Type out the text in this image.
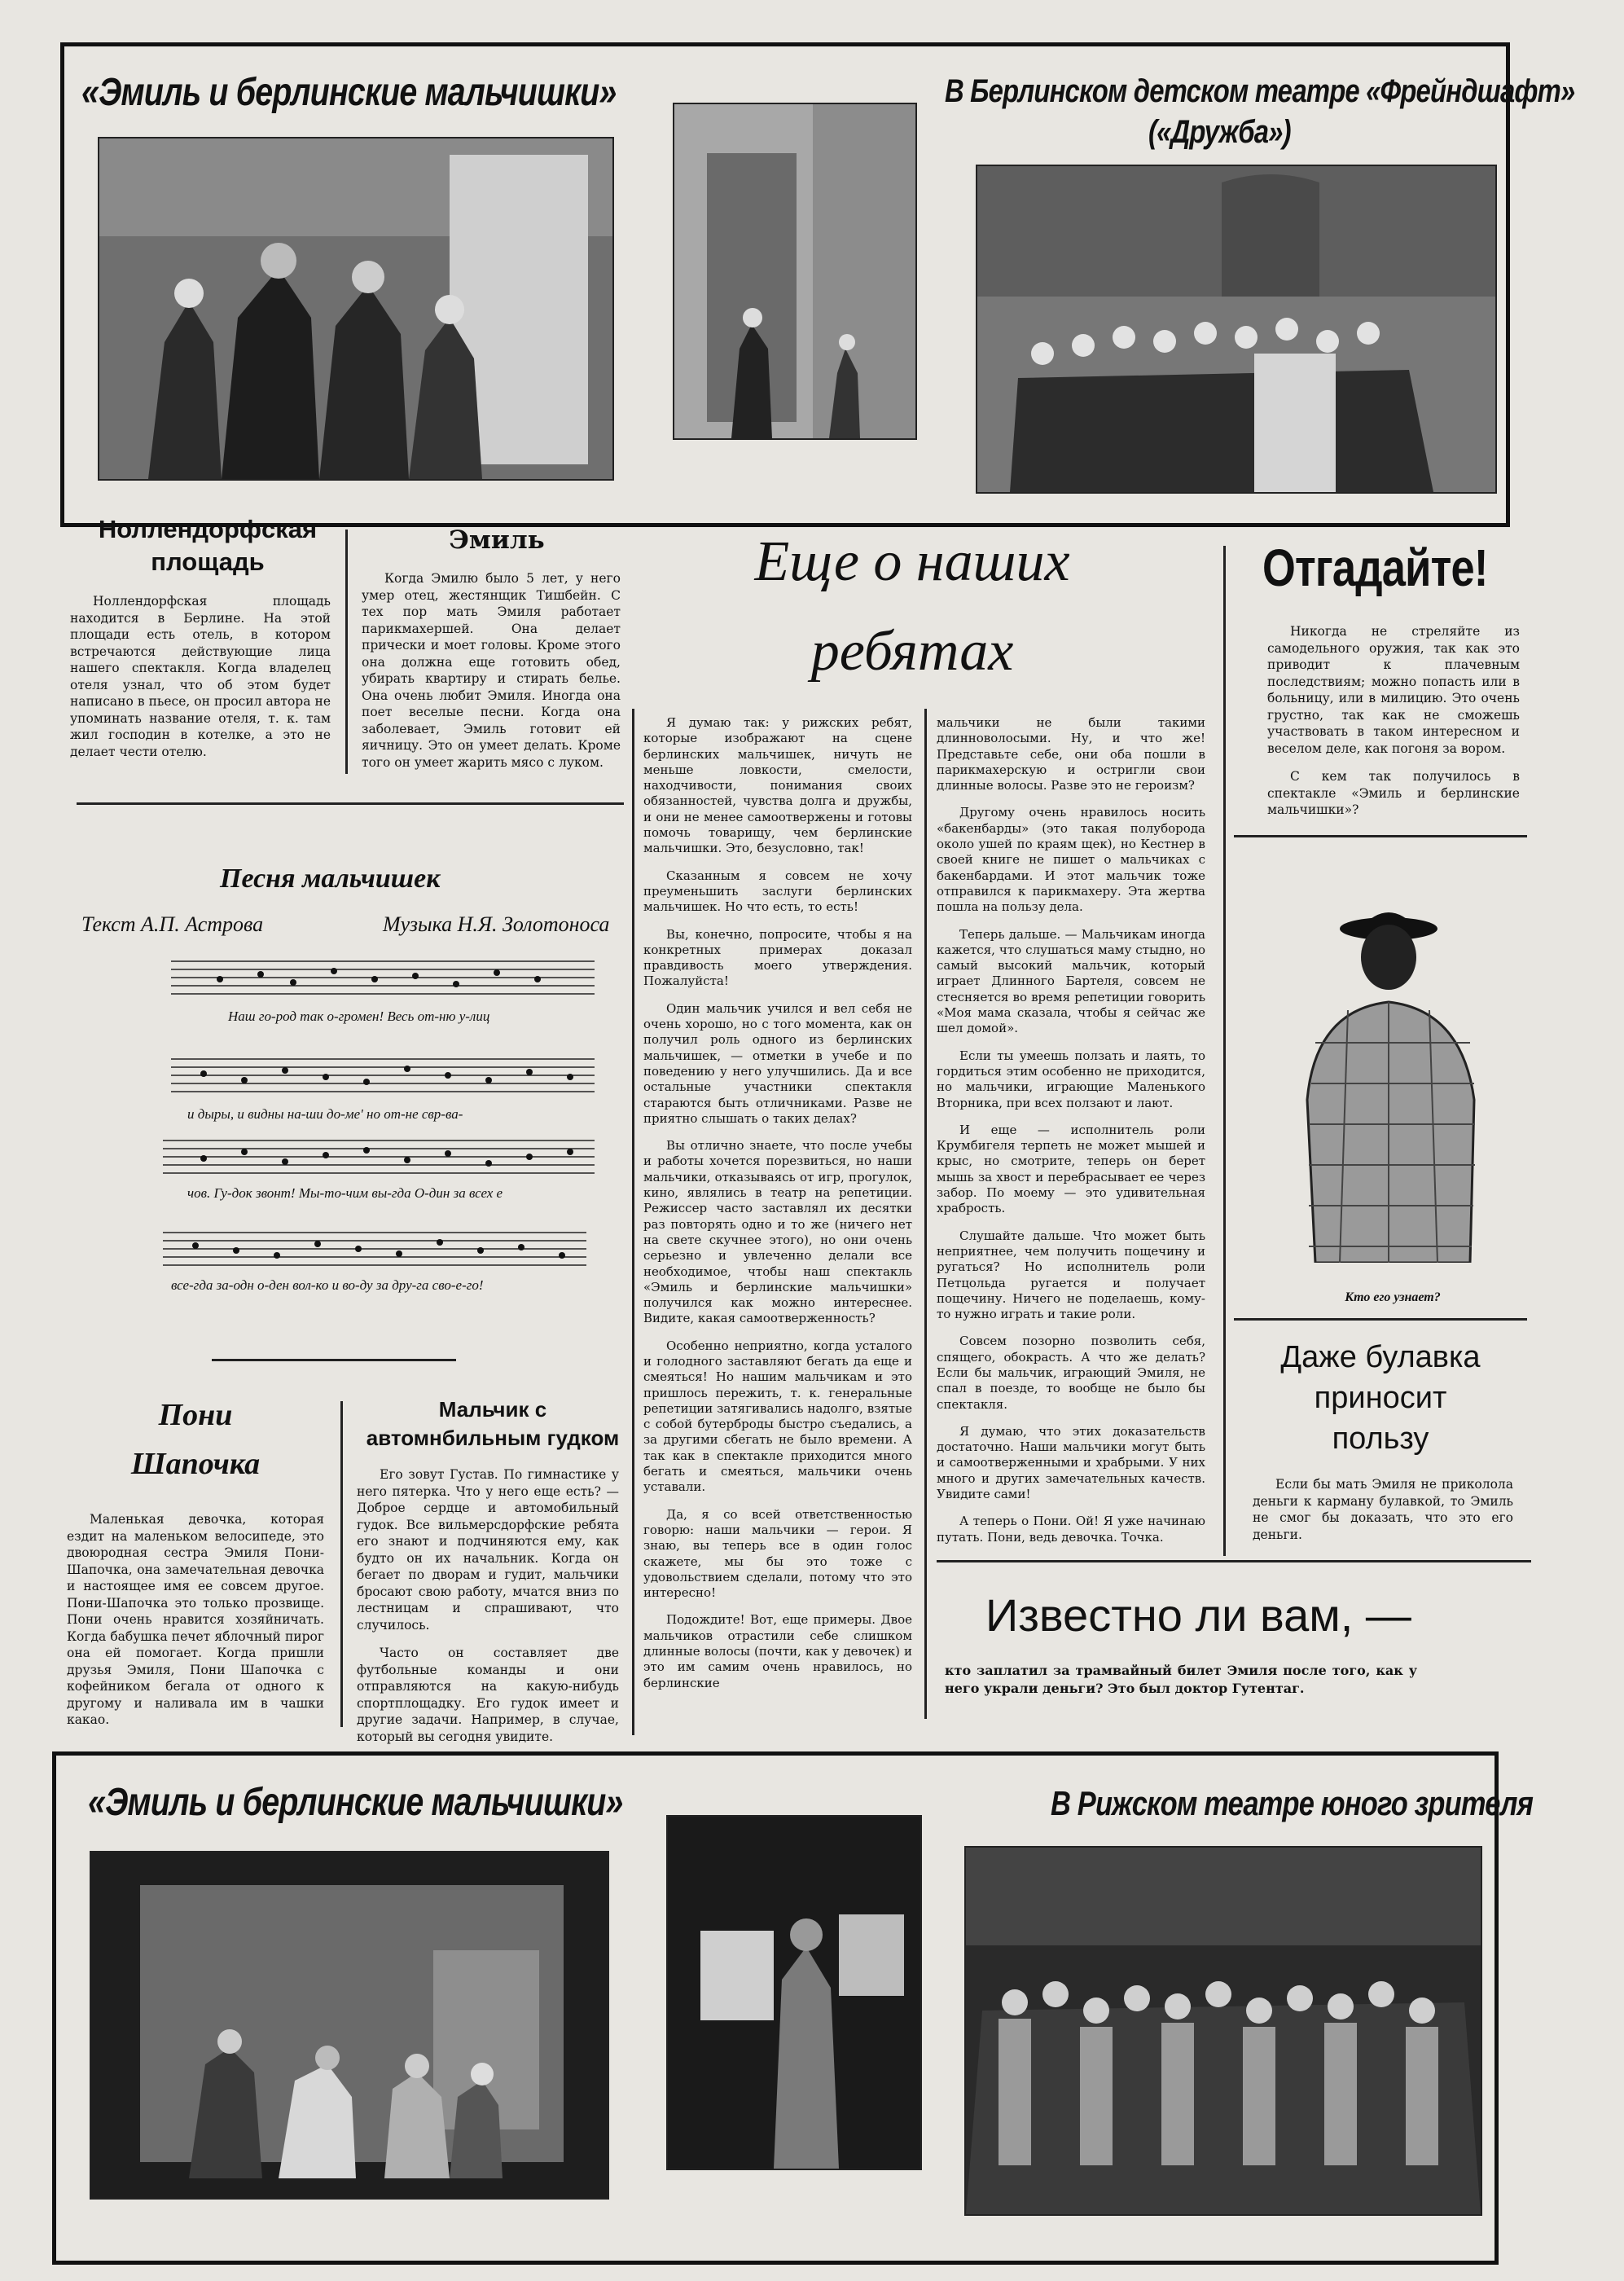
«Эмиль и берлинские мальчишки»	В Берлинском детском театре «Фрейндшафт»
(«Дружба»)
Ноллендорфская
площадь

Ноллендорфская площадь находится в Берлине. На этой площади есть отель, в котором встречаются действующие лица нашего спектакля. Когда владелец отеля узнал, что об этом будет написано в пьесе, он просил автора не упоминать название отеля, т. к. там жил господин в котелке, а это не делает чести отелю.

Эмиль

Когда Эмилю было 5 лет, у него умер отец, жестянщик Тишбейн. С тех пор мать Эмиля работает парикмахершей. Она делает прически и моет головы. Кроме этого она должна еще готовить обед, убирать квартиру и стирать белье. Она очень любит Эмиля. Иногда она поет веселые песни. Когда она заболевает, Эмиль готовит ей яичницу. Это он умеет делать. Кроме того он умеет жарить мясо с луком.

Песня мальчишек
Текст А.П. Астрова	Музыка Н.Я. Золотоноса
Наш го-род так о-громен! Весь от-ню у-лиц
и дыры, и видны на-ши до-ме' но от-не свр-ва-
чов. Гу-док звонт! Мы-то-чим вы-гда О-дин за всех е
все-гда за-одн о-ден вол-ко и во-ду за дру-га сво-е-го!
Пони
Шапочка

Маленькая девочка, которая ездит на маленьком велосипеде, это двоюродная сестра Эмиля Пони-Шапочка, она замечательная девочка и настоящее имя ее совсем другое. Пони-Шапочка это только прозвище. Пони очень нравится хозяйничать. Когда бабушка печет яблочный пирог она ей помогает. Когда пришли друзья Эмиля, Пони Шапочка с кофейником бегала от одного к другому и наливала им в чашки какао.

Мальчик с
автомнбильным гудком

Его зовут Густав. По гимнастике у него пятерка. Что у него еще есть? — Доброе сердце и автомобильный гудок. Все вильмерсдорфские ребята его знают и подчиняются ему, как будто он их начальник. Когда он бегает по дворам и гудит, мальчики бросают свою работу, мчатся вниз по лестницам и спрашивают, что случилось.

Часто он составляет две футбольные команды и они отправляются на какую-нибудь спортплощадку. Его гудок имеет и другие задачи. Например, в случае, который вы сегодня увидите.

Еще о наших
ребятах

Я думаю так: у рижских ребят, которые изображают на сцене берлинских мальчишек, ничуть не меньше ловкости, смелости, находчивости, понимания своих обязанностей, чувства долга и дружбы, и они не менее самоотвержены и готовы помочь товарищу, чем берлинские мальчишки. Это, безусловно, так!

Сказанным я совсем не хочу преуменьшить заслуги берлинских мальчишек. Но что есть, то есть!

Вы, конечно, попросите, чтобы я на конкретных примерах доказал правдивость моего утверждения. Пожалуйста!

Один мальчик учился и вел себя не очень хорошо, но с того момента, как он получил роль одного из берлинских мальчишек, — отметки в учебе и по поведению у него улучшились. Да и все остальные участники спектакля стараются быть отличниками. Разве не приятно слышать о таких делах?

Вы отлично знаете, что после учебы и работы хочется порезвиться, но наши мальчики, отказываясь от игр, прогулок, кино, являлись в театр на репетиции. Режиссер часто заставлял их десятки раз повторять одно и то же (ничего нет на свете скучнее этого), но они очень серьезно и увлеченно делали все необходимое, чтобы наш спектакль «Эмиль и берлинские мальчишки» получился как можно интереснее. Видите, какая самоотверженность?

Особенно неприятно, когда усталого и голодного заставляют бегать да еще и смеяться! Но нашим мальчикам и это пришлось пережить, т. к. генеральные репетиции затягивались надолго, взятые с собой бутерброды быстро съедались, а за другими сбегать не было времени. А так как в спектакле приходится много бегать и смеяться, мальчики очень уставали.

Да, я со всей ответственностью говорю: наши мальчики — герои. Я знаю, вы теперь все в один голос скажете, мы бы это тоже с удовольствием сделали, потому что это интересно!

Подождите! Вот, еще примеры. Двое мальчиков отрастили себе слишком длинные волосы (почти, как у девочек) и это им самим очень нравилось, но берлинские

мальчики не были такими длинноволосыми. Ну, и что же! Представьте себе, они оба пошли в парикмахерскую и остригли свои длинные волосы. Разве это не героизм?

Другому очень нравилось носить «бакенбарды» (это такая полубородa около ушей по краям щек), но Кестнер в своей книге не пишет о мальчиках с бакенбардами. И этот мальчик тоже отправился к парикмахеру. Эта жертва пошла на пользу дела.

Теперь дальше. — Мальчикам иногда кажется, что слушаться маму стыдно, но самый высокий мальчик, который играет Длинного Бартеля, совсем не стесняется во время репетиции говорить «Моя мама сказала, чтобы я сейчас же шел домой».

Если ты умеешь ползать и лаять, то гордиться этим особенно не приходится, но мальчики, играющие Маленького Вторника, при всех ползают и лают.

И еще — исполнитель роли Крумбигеля терпеть не может мышей и крыс, но смотрите, теперь он берет мышь за хвост и перебрасывает ее через забор. По моему — это удивительная храбрость.

Слушайте дальше. Что может быть неприятнее, чем получить пощечину и ругаться? Но исполнитель роли Петцольда ругается и получает пощечину. Ничего не поделаешь, кому-то нужно играть и такие роли.

Совсем позорно позволить себя, спящего, обокрасть. А что же делать? Если бы мальчик, играющий Эмиля, не спал в поезде, то вообще не было бы спектакля.

Я думаю, что этих доказательств достаточно. Наши мальчики могут быть и самоотверженными и храбрыми. У них много и других замечательных качеств. Увидите сами!

А теперь о Пони. Ой! Я уже начинаю путать. Пони, ведь девочка. Точка.

Отгадайте!

Никогда не стреляйте из самодельного оружия, так как это приводит к плачевным последствиям; можно попасть или в больницу, или в милицию. Это очень грустно, так как не сможешь участвовать в таком интересном и веселом деле, как погоня за вором.

С кем так получилось в спектакле «Эмиль и берлинские мальчишки»?

Кто его узнает?
Даже булавка
приносит
пользу

Если бы мать Эмиля не приколола деньги к карману булавкой, то Эмиль не смог бы доказать, что это его деньги.

Известно ли вам, —

кто заплатил за трамвайный билет Эмиля после того, как у него украли деньги? Это был доктор Гутентаг.

«Эмиль и берлинские мальчишки»	В Рижском театре юного зрителя
